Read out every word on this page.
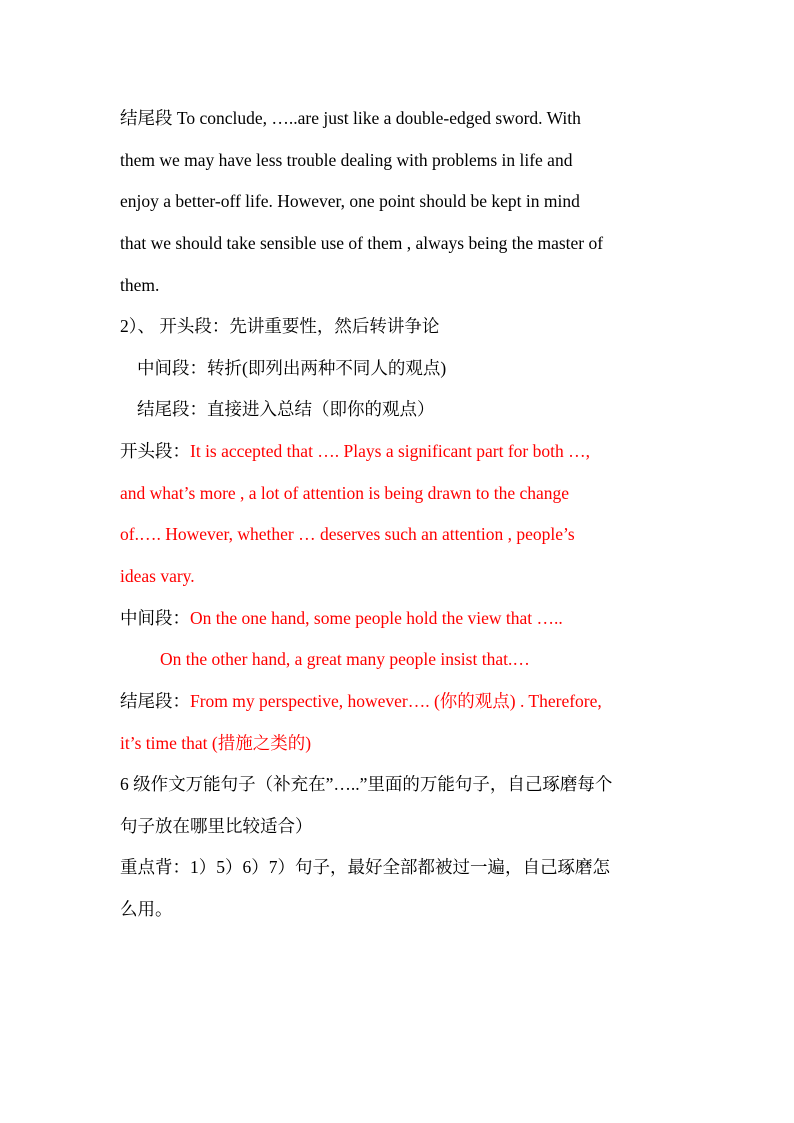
结尾段 To conclude, …..are just like a double-edged sword. With
them we may have less trouble dealing with problems in life and
enjoy a better-off life. However, one point should be kept in mind
that we should take sensible use of them , always being the master of
them.
2）、 开头段：先讲重要性，然后转讲争论
中间段：转折(即列出两种不同人的观点)
结尾段：直接进入总结（即你的观点）
开头段：It is accepted that …. Plays a significant part for both …,
and what’s more , a lot of attention is being drawn to the change
of.…. However, whether … deserves such an attention , people’s
ideas vary.
中间段：On the one hand, some people hold the view that …..
On the other hand, a great many people insist that.…
结尾段：From my perspective, however…. (你的观点) . Therefore,
it’s time that (措施之类的)
6 级作文万能句子（补充在”…..”里面的万能句子，自己琢磨每个
句子放在哪里比较适合）
重点背：1）5）6）7）句子，最好全部都被过一遍，自己琢磨怎
么用。
